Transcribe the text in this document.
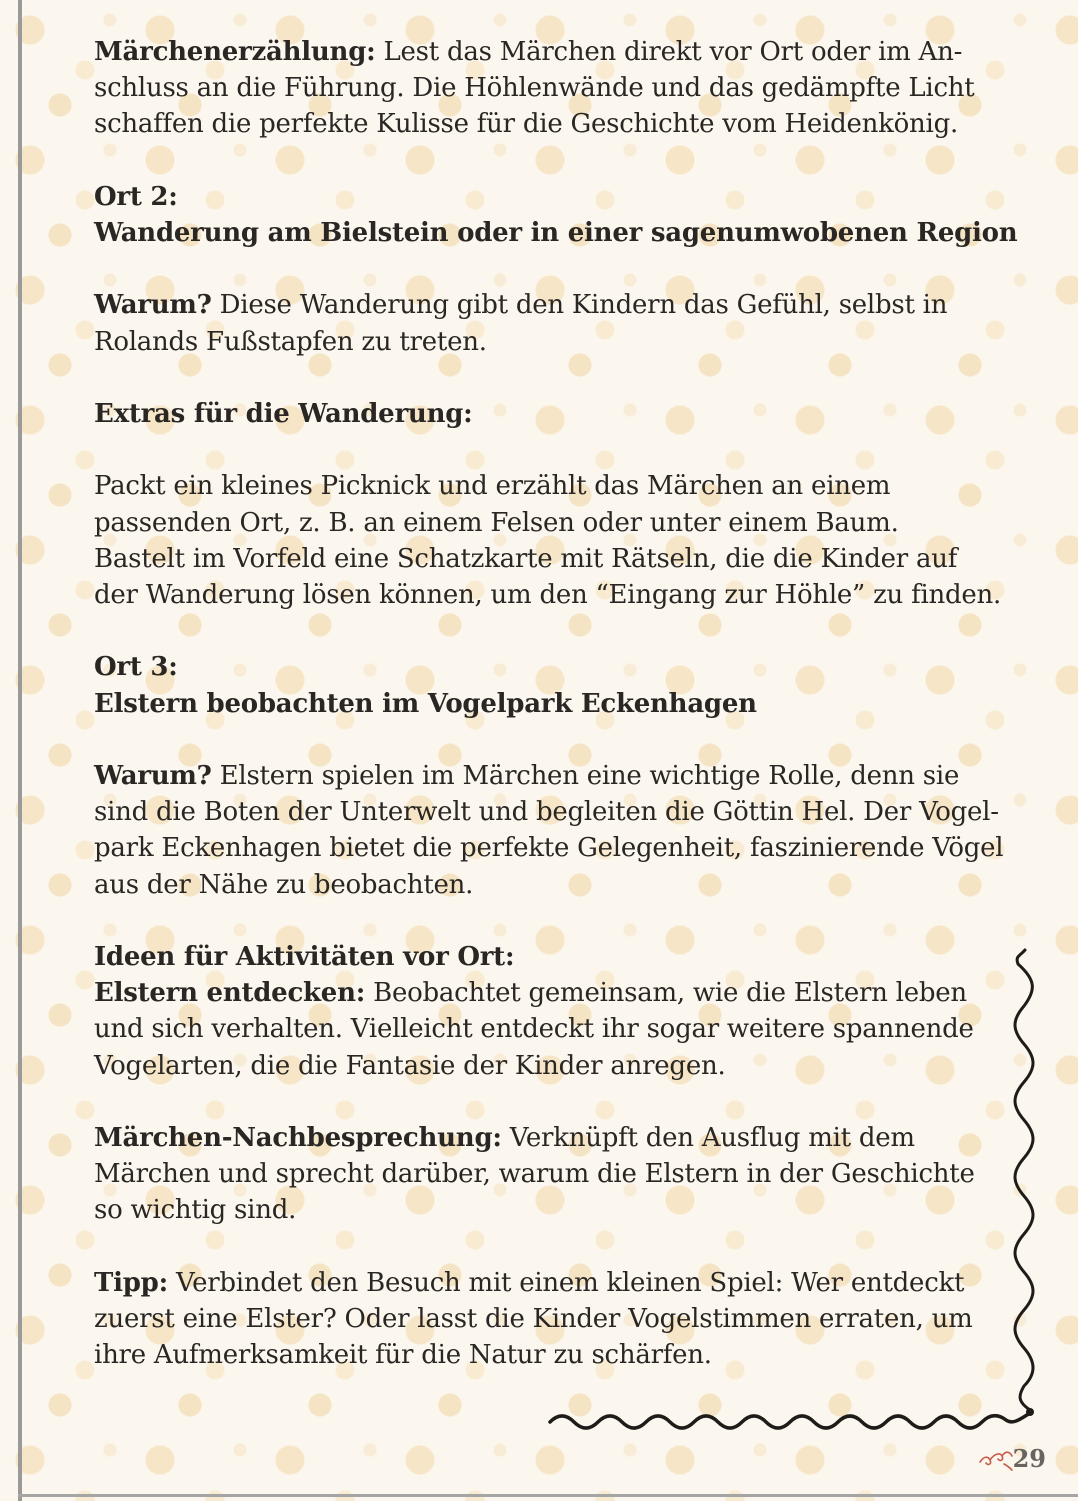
Märchenerzählung: Lest das Märchen direkt vor Ort oder im An-

schluss an die Führung. Die Höhlenwände und das gedämpfte Licht

schaffen die perfekte Kulisse für die Geschichte vom Heidenkönig.

Ort 2:

Wanderung am Bielstein oder in einer sagenumwobenen Region

Warum? Diese Wanderung gibt den Kindern das Gefühl, selbst in

Rolands Fußstapfen zu treten.

Extras für die Wanderung:

Packt ein kleines Picknick und erzählt das Märchen an einem

passenden Ort, z. B. an einem Felsen oder unter einem Baum.

Bastelt im Vorfeld eine Schatzkarte mit Rätseln, die die Kinder auf

der Wanderung lösen können, um den “Eingang zur Höhle” zu finden.

Ort 3:

Elstern beobachten im Vogelpark Eckenhagen

Warum? Elstern spielen im Märchen eine wichtige Rolle, denn sie

sind die Boten der Unterwelt und begleiten die Göttin Hel. Der Vogel-

park Eckenhagen bietet die perfekte Gelegenheit, faszinierende Vögel

aus der Nähe zu beobachten.

Ideen für Aktivitäten vor Ort:

Elstern entdecken: Beobachtet gemeinsam, wie die Elstern leben

und sich verhalten. Vielleicht entdeckt ihr sogar weitere spannende

Vogelarten, die die Fantasie der Kinder anregen.

Märchen-Nachbesprechung: Verknüpft den Ausflug mit dem

Märchen und sprecht darüber, warum die Elstern in der Geschichte

so wichtig sind.

Tipp: Verbindet den Besuch mit einem kleinen Spiel: Wer entdeckt

zuerst eine Elster? Oder lasst die Kinder Vogelstimmen erraten, um

ihre Aufmerksamkeit für die Natur zu schärfen.

29
